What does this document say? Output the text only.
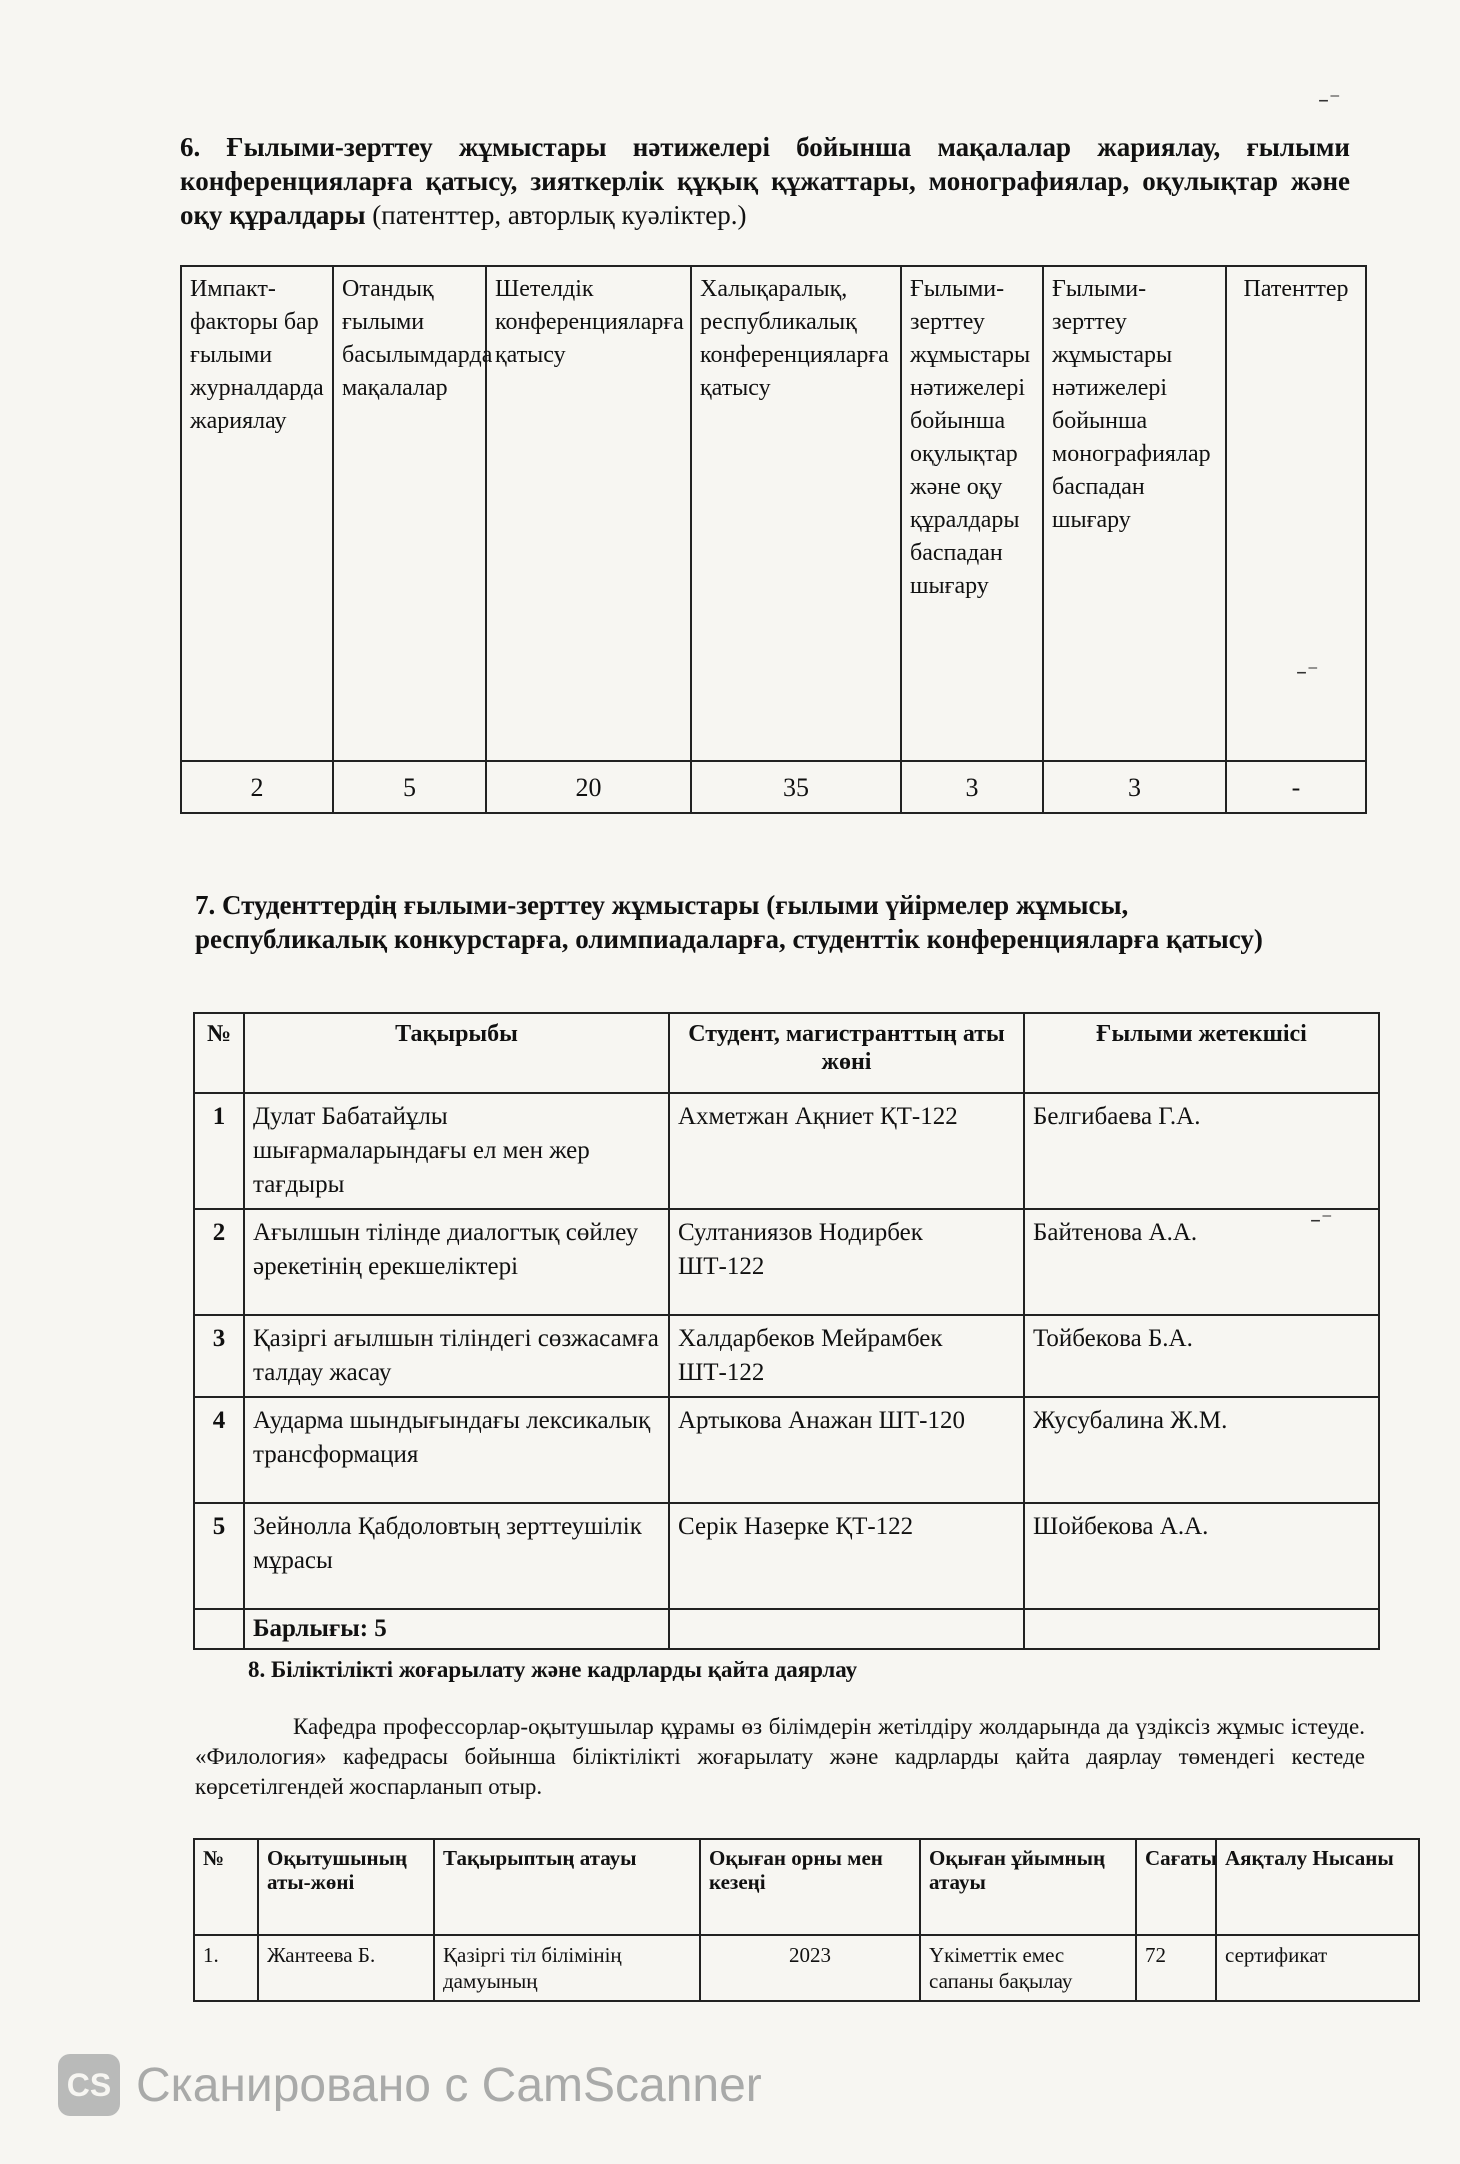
–⁻
6. Ғылыми-зерттеу жұмыстары нәтижелері бойынша мақалалар жариялау, ғылыми конференцияларға қатысу, зияткерлік құқық құжаттары, монографиялар, оқулықтар және оқу құралдары (патенттер, авторлық куәліктер.)
Импакт-факторы бар ғылыми журналдарда жариялау	Отандық ғылыми басылымдарда мақалалар	Шетелдік конференцияларға қатысу	Халықаралық, республикалық конференцияларға қатысу	Ғылыми-зерттеу жұмыстары нәтижелері бойынша оқулықтар және оқу құралдары баспадан шығару	Ғылыми-зерттеу жұмыстары нәтижелері бойынша монографиялар баспадан шығару	Патенттер
2	5	20	35	3	3	-
–⁻
7. Студенттердің ғылыми-зерттеу жұмыстары (ғылыми үйірмелер жұмысы, республикалық конкурстарға, олимпиадаларға, студенттік конференцияларға қатысу)
№	Тақырыбы	Студент, магистранттың аты жөні	Ғылыми жетекшісі
1	Дулат Бабатайұлы шығармаларындағы ел мен жер тағдыры	Ахметжан Ақниет ҚТ-122	Белгибаева Г.А.
2	Ағылшын тілінде диалогтық сөйлеу әрекетінің ерекшеліктері	Султаниязов Нодирбек ШТ-122	Байтенова А.А.
3	Қазіргі ағылшын тіліндегі сөзжасамға талдау жасау	Халдарбеков Мейрамбек ШТ-122	Тойбекова Б.А.
4	Аударма шындығындағы лексикалық трансформация	Артыкова Анажан ШТ-120	Жусубалина Ж.М.
5	Зейнолла Қабдоловтың зерттеушілік мұрасы	Серік Назерке ҚТ-122	Шойбекова А.А.
	Барлығы: 5		
–⁻
8. Біліктілікті жоғарылату және кадрларды қайта даярлау
Кафедра профессорлар-оқытушылар құрамы өз білімдерін жетілдіру жолдарында да үздіксіз жұмыс істеуде. «Филология» кафедрасы бойынша біліктілікті жоғарылату және кадрларды қайта даярлау төмендегі кестеде көрсетілгендей жоспарланып отыр.
№	Оқытушының аты-жөні	Тақырыптың атауы	Оқыған орны мен кезеңі	Оқыған ұйымның атауы	Сағаты	Аяқталу Нысаны
1.	Жантеева Б.	Қазіргі тіл білімінің дамуының	2023	Үкіметтік емес сапаны бақылау	72	сертификат
CS Сканировано с CamScanner
